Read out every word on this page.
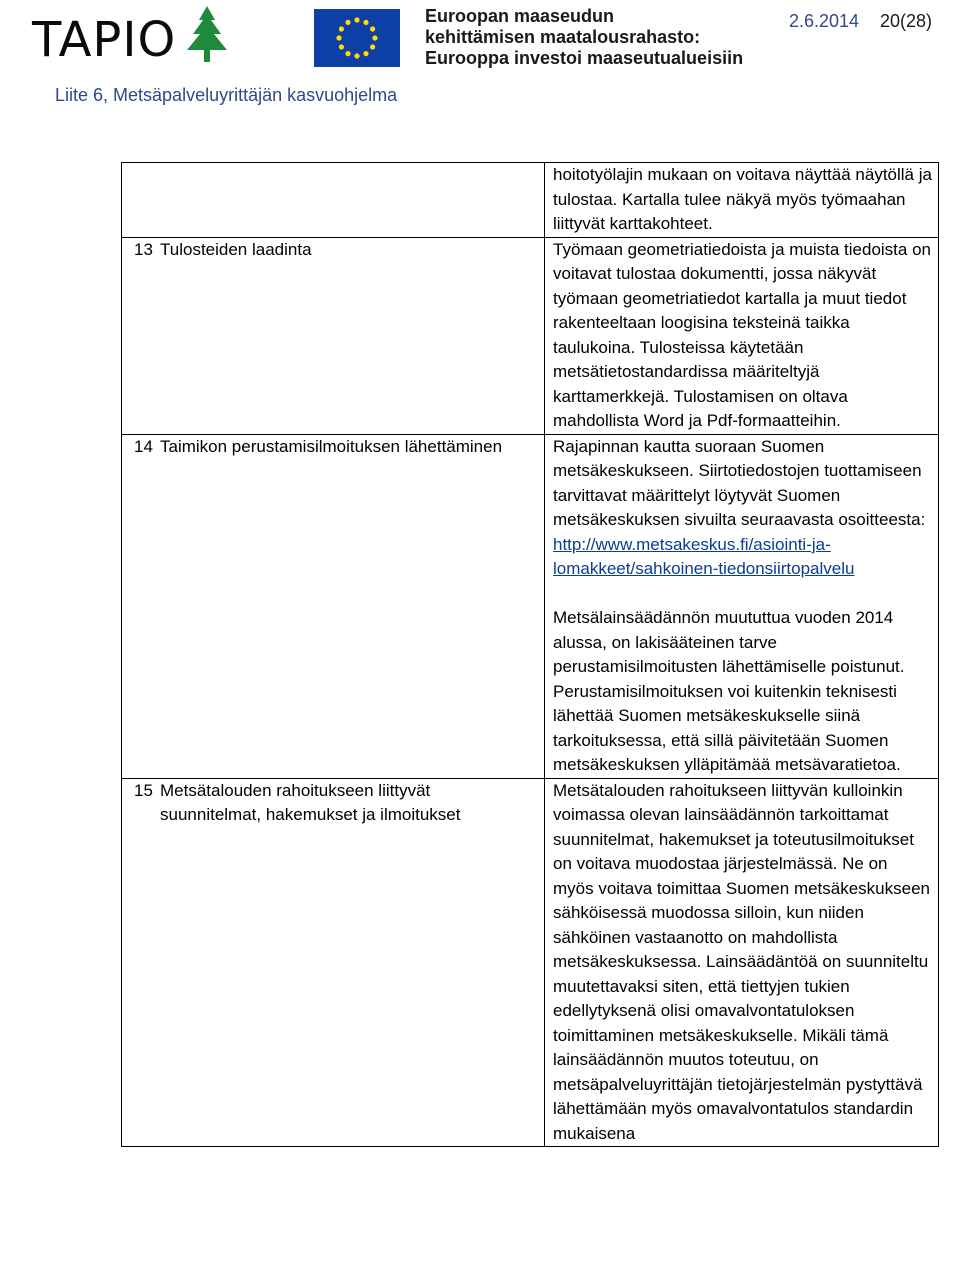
TAPIO	Euroopan maaseudun
kehittämisen maatalousrahasto:
Eurooppa investoi maaseutualueisiin
2.6.2014 20(28)
Liite 6, Metsäpalveluyrittäjän kasvuohjelma
		hoitotyölajin mukaan on voitava näyttää näytöllä ja tulostaa. Kartalla tulee näkyä myös työmaahan liittyvät karttakohteet.
13	Tulosteiden laadinta	Työmaan geometriatiedoista ja muista tiedoista on voitavat tulostaa dokumentti, jossa näkyvät työmaan geometriatiedot kartalla ja muut tiedot rakenteeltaan loogisina teksteinä taikka taulukoina. Tulosteissa käytetään metsätietostandardissa määriteltyjä karttamerkkejä. Tulostamisen on oltava mahdollista Word ja Pdf-formaatteihin.
14	Taimikon perustamisilmoituksen lähettäminen	Rajapinnan kautta suoraan Suomen metsäkeskukseen. Siirtotiedostojen tuottamiseen tarvittavat määrittelyt löytyvät Suomen metsäkeskuksen sivuilta seuraavasta osoitteesta:

http://www.metsakeskus.fi/asiointi-ja-lomakkeet/sahkoinen-tiedonsiirtopalvelu

Metsälainsäädännön muututtua vuoden 2014 alussa, on lakisääteinen tarve perustamisilmoitusten lähettämiselle poistunut. Perustamisilmoituksen voi kuitenkin teknisesti lähettää Suomen metsäkeskukselle siinä tarkoituksessa, että sillä päivitetään Suomen metsäkeskuksen ylläpitämää metsävaratietoa.

15	Metsätalouden rahoitukseen liittyvät suunnitelmat, hakemukset ja ilmoitukset	Metsätalouden rahoitukseen liittyvän kulloinkin voimassa olevan lainsäädännön tarkoittamat suunnitelmat, hakemukset ja toteutusilmoitukset on voitava muodostaa järjestelmässä. Ne on myös voitava toimittaa Suomen metsäkeskukseen sähköisessä muodossa silloin, kun niiden sähköinen vastaanotto on mahdollista metsäkeskuksessa. Lainsäädäntöä on suunniteltu muutettavaksi siten, että tiettyjen tukien edellytyksenä olisi omavalvontatuloksen toimittaminen metsäkeskukselle. Mikäli tämä lainsäädännön muutos toteutuu, on metsäpalveluyrittäjän tietojärjestelmän pystyttävä lähettämään myös omavalvontatulos standardin mukaisena
